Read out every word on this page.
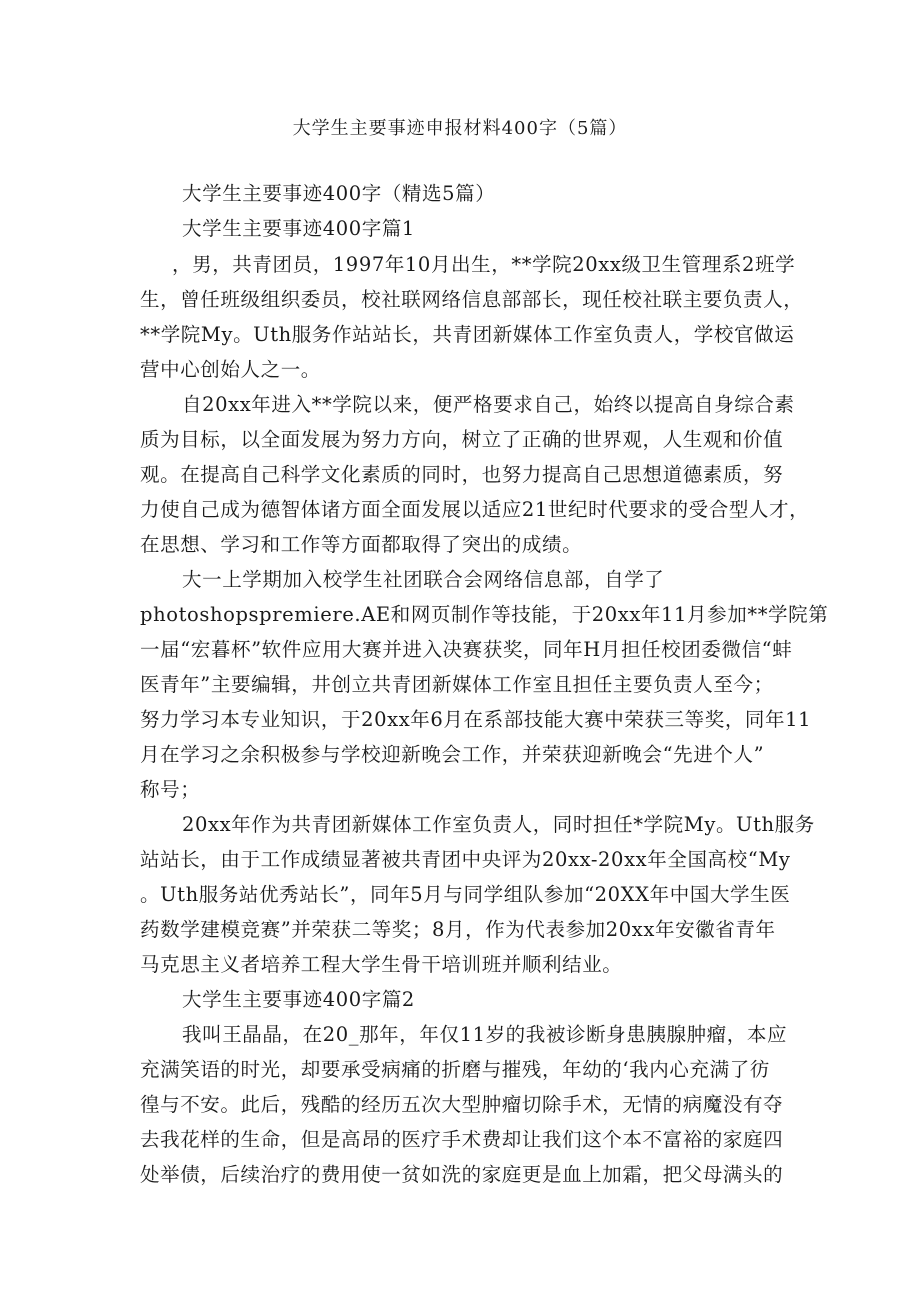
大学生主要事迹申报材料400字（5篇）

大学生主要事迹400字（精选5篇）

大学生主要事迹400字篇1

，男，共青团员，1997年10月出生，**学院20xx级卫生管理系2班学

生，曾任班级组织委员，校社联网络信息部部长，现任校社联主要负责人，

**学院My。Uth服务作站站长，共青团新媒体工作室负责人，学校官做运

营中心创始人之一。

自20xx年进入**学院以来，便严格要求自己，始终以提高自身综合素

质为目标，以全面发展为努力方向，树立了正确的世界观，人生观和价值

观。在提高自己科学文化素质的同时，也努力提高自己思想道德素质，努

力使自己成为德智体诸方面全面发展以适应21世纪时代要求的受合型人才，

在思想、学习和工作等方面都取得了突出的成绩。

大一上学期加入校学生社团联合会网络信息部，自学了

photoshopspremiere.AE和网页制作等技能，于20xx年11月参加**学院第

一届“宏暮杯”软件应用大赛并进入决赛获奖，同年H月担任校团委微信“蚌

医青年”主要编辑，井创立共青团新媒体工作室且担任主要负责人至今；

努力学习本专业知识，于20xx年6月在系部技能大赛中荣获三等奖，同年11

月在学习之余积极参与学校迎新晚会工作，并荣获迎新晚会“先进个人”

称号；

20xx年作为共青团新媒体工作室负责人，同时担任*学院My。Uth服务

站站长，由于工作成绩显著被共青团中央评为20xx-20xx年全国高校“My

。Uth服务站优秀站长”，同年5月与同学组队参加“20XX年中国大学生医

药数学建模竞赛”并荣获二等奖；8月，作为代表参加20xx年安徽省青年

马克思主义者培养工程大学生骨干培训班并顺利结业。

大学生主要事迹400字篇2

我叫王晶晶，在20_那年，年仅11岁的我被诊断身患胰腺肿瘤，本应

充满笑语的时光，却要承受病痛的折磨与摧残，年幼的‘我内心充满了彷

徨与不安。此后，残酷的经历五次大型肿瘤切除手术，无情的病魔没有夺

去我花样的生命，但是高昂的医疗手术费却让我们这个本不富裕的家庭四

处举债，后续治疗的费用使一贫如洗的家庭更是血上加霜，把父母满头的
